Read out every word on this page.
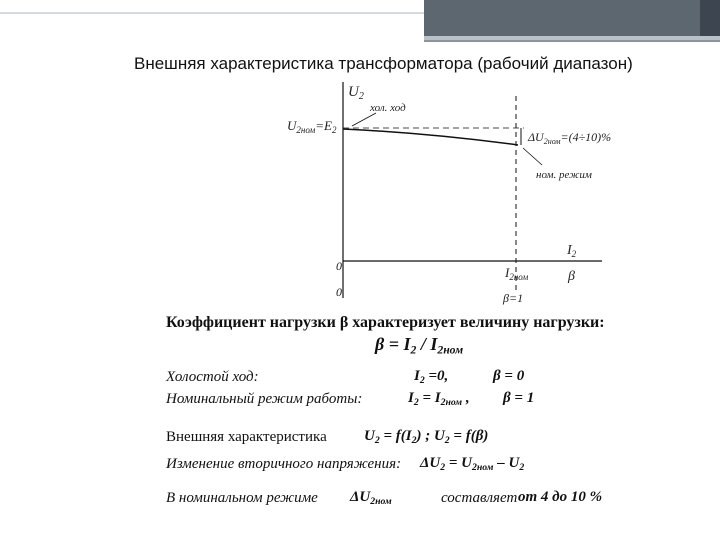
Внешняя характеристика трансформатора (рабочий диапазон)
$U_2$
хол. ход
$U_{2ном}=E_2$	$\Delta U_{2ном}=(4\div 10)\%$
ном. режим
$I_2$
0
0
$I_{2ном}$	β
β=1
Коэффициент нагрузки β характеризует величину нагрузки:
$\beta = I_2 / I_{2ном}$
Холостой ход:	$I_2 =0$,	β = 0
Номинальный режим работы:	$I_2 = I_{2ном}$ , β = 1
Внешняя характеристика $U_2 = f(I_2)$ ; $U_2 = f(\beta)$
Изменение вторичного напряжения: $\Delta U_2 = U_{2ном} - U_2$
В номинальном режиме $\Delta U_{2ном}$	составляет от 4 до 10 %
